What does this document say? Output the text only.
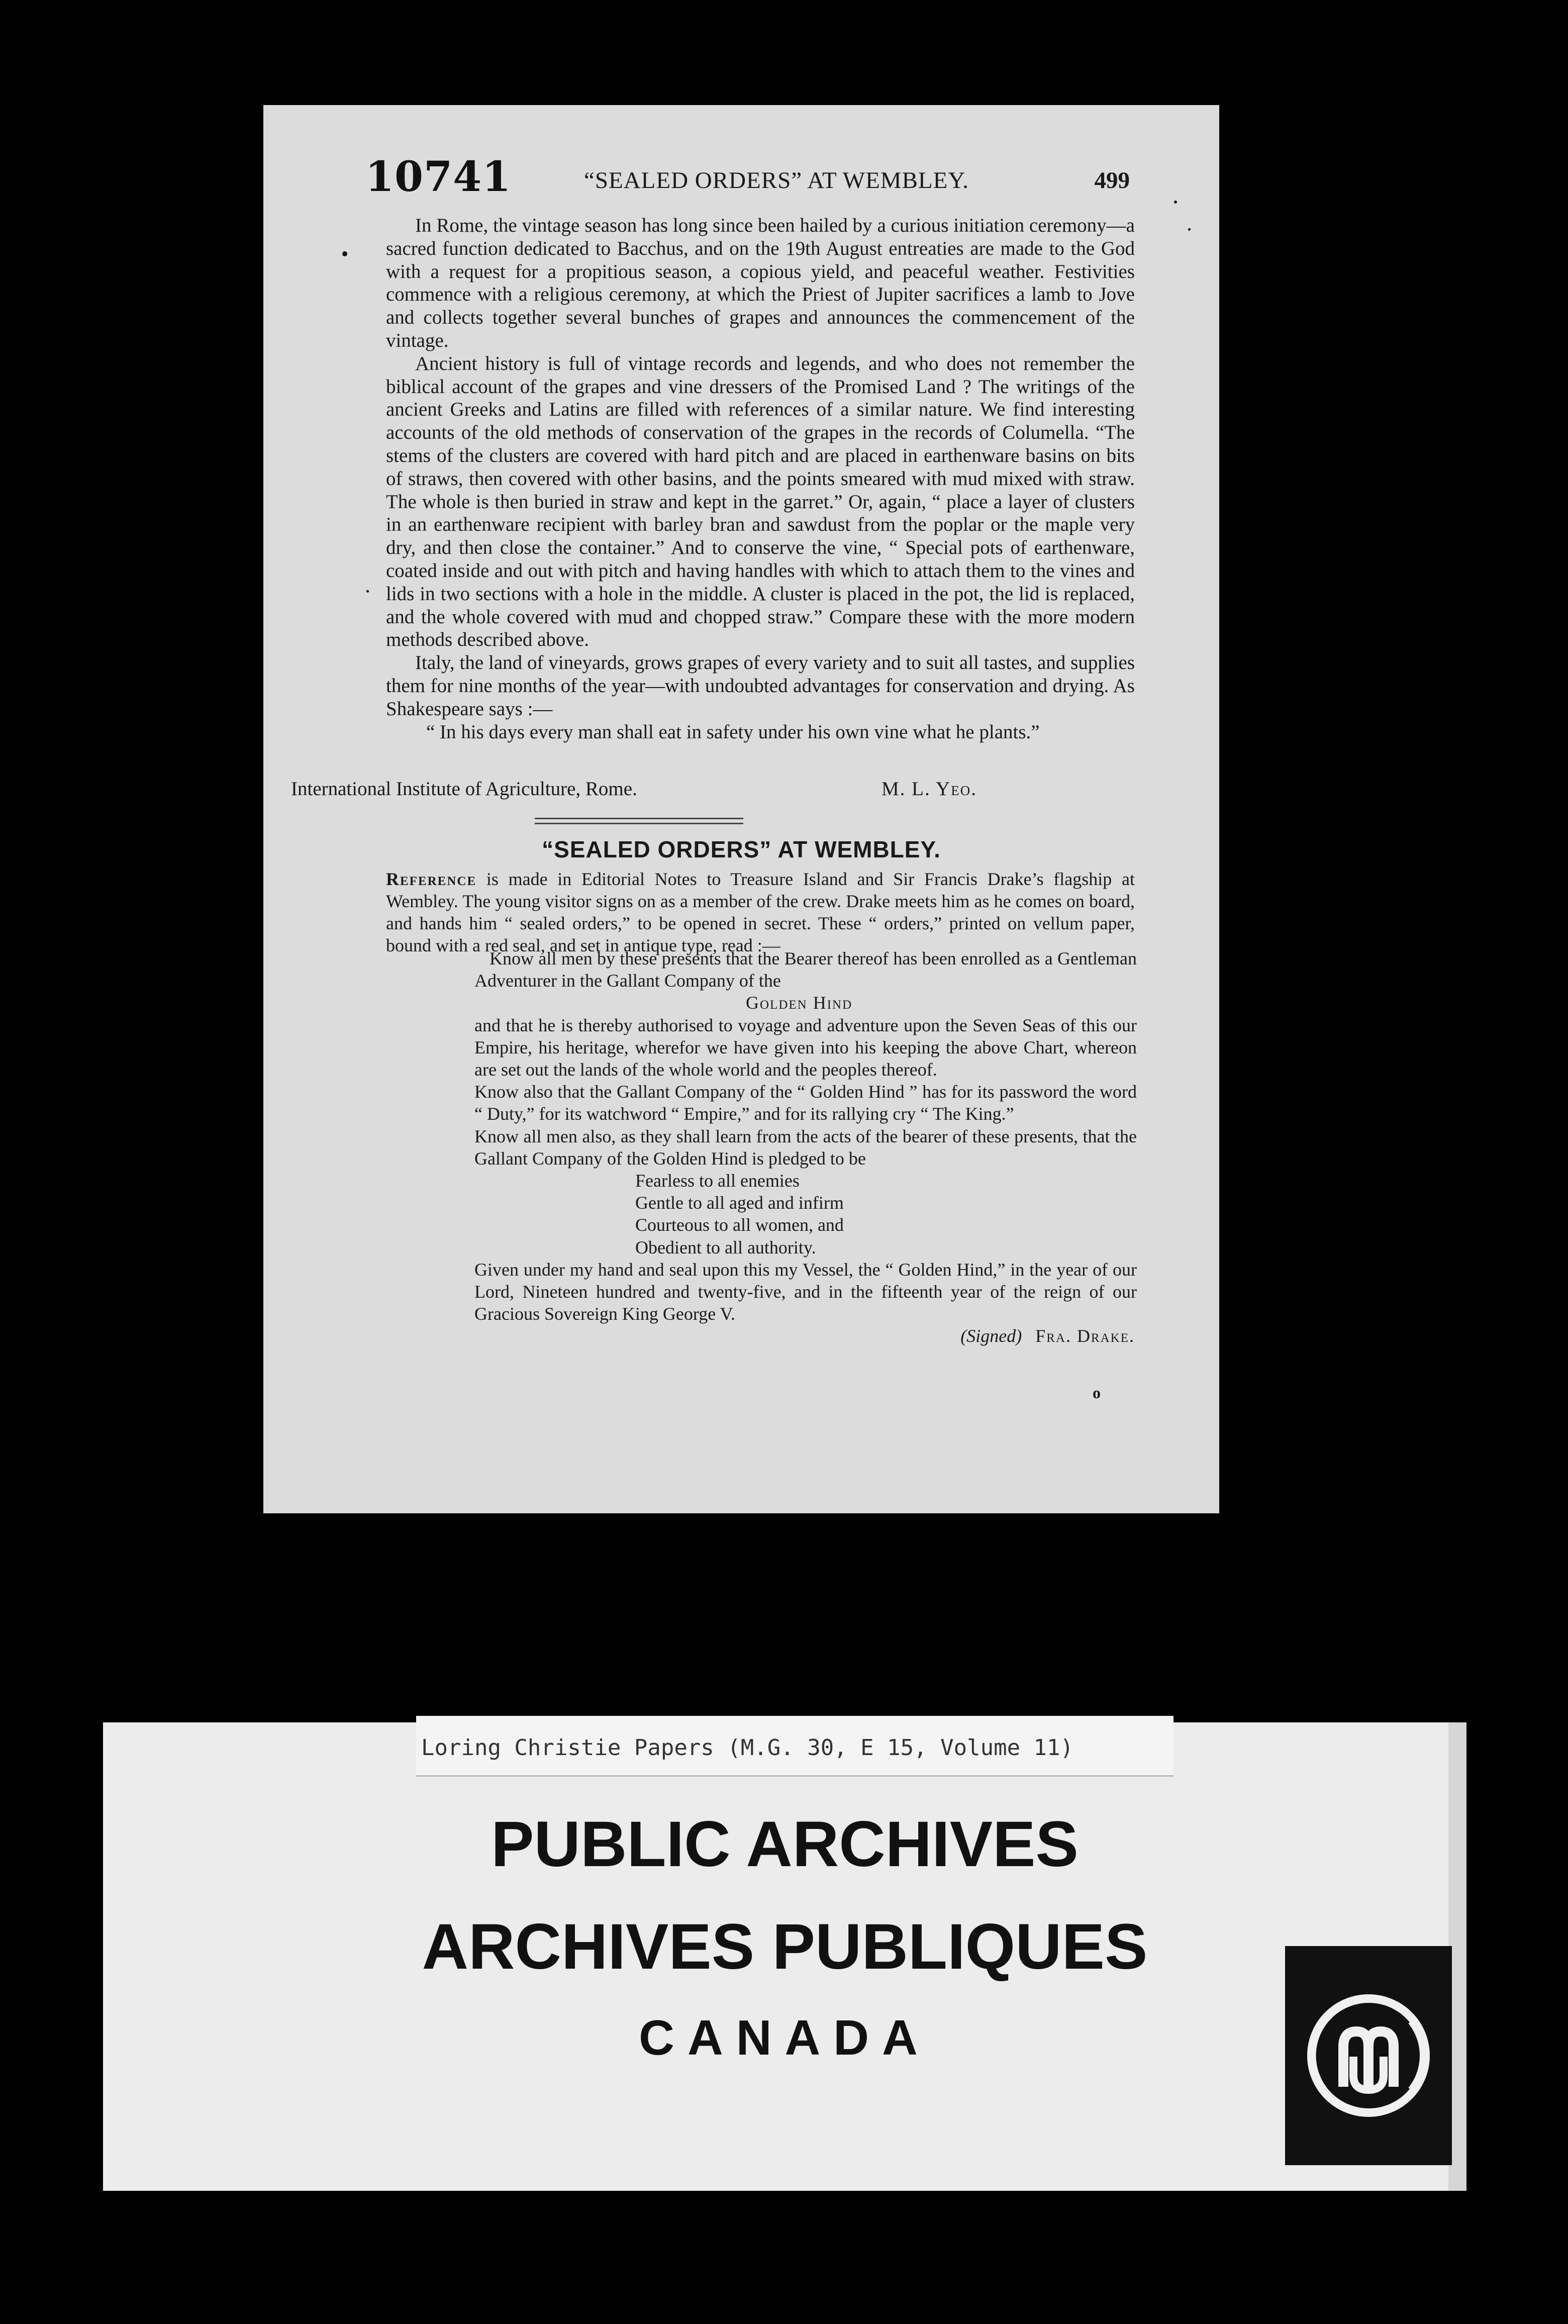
10741	“SEALED ORDERS” AT WEMBLEY.	499

In Rome, the vintage season has long since been hailed by a curious initiation ceremony—a sacred function dedicated to Bacchus, and on the 19th August entreaties are made to the God with a request for a propitious season, a copious yield, and peaceful weather. Festivities commence with a religious ceremony, at which the Priest of Jupiter sacrifices a lamb to Jove and collects together several bunches of grapes and announces the commencement of the vintage.

Ancient history is full of vintage records and legends, and who does not remember the biblical account of the grapes and vine dressers of the Promised Land ? The writings of the ancient Greeks and Latins are filled with references of a similar nature. We find interesting accounts of the old methods of conservation of the grapes in the records of Columella. “The stems of the clusters are covered with hard pitch and are placed in earthenware basins on bits of straws, then covered with other basins, and the points smeared with mud mixed with straw. The whole is then buried in straw and kept in the garret.” Or, again, “ place a layer of clusters in an earthenware recipient with barley bran and sawdust from the poplar or the maple very dry, and then close the container.” And to conserve the vine, “ Special pots of earthenware, coated inside and out with pitch and having handles with which to attach them to the vines and lids in two sections with a hole in the middle. A cluster is placed in the pot, the lid is replaced, and the whole covered with mud and chopped straw.” Compare these with the more modern methods described above.

Italy, the land of vineyards, grows grapes of every variety and to suit all tastes, and supplies them for nine months of the year—with undoubted advantages for conservation and drying. As Shakespeare says :—

“ In his days every man shall eat in safety under his own vine what he plants.”

International Institute of Agriculture, Rome.	M. L. Yeo.
“SEALED ORDERS” AT WEMBLEY.

Reference is made in Editorial Notes to Treasure Island and Sir Francis Drake’s flagship at Wembley. The young visitor signs on as a member of the crew. Drake meets him as he comes on board, and hands him “ sealed orders,” to be opened in secret. These “ orders,” printed on vellum paper, bound with a red seal, and set in antique type, read :—

Know all men by these presents that the Bearer thereof has been enrolled as a Gentleman Adventurer in the Gallant Company of the

Golden Hind

and that he is thereby authorised to voyage and adventure upon the Seven Seas of this our Empire, his heritage, wherefor we have given into his keeping the above Chart, whereon are set out the lands of the whole world and the peoples thereof.

Know also that the Gallant Company of the “ Golden Hind ” has for its password the word “ Duty,” for its watchword “ Empire,” and for its rallying cry “ The King.”

Know all men also, as they shall learn from the acts of the bearer of these presents, that the Gallant Company of the Golden Hind is pledged to be

Fearless to all enemies

Gentle to all aged and infirm

Courteous to all women, and

Obedient to all authority.

Given under my hand and seal upon this my Vessel, the “ Golden Hind,” in the year of our Lord, Nineteen hundred and twenty-five, and in the fifteenth year of the reign of our Gracious Sovereign King George V.

(Signed) Fra. Drake.

o
Loring Christie Papers (M.G. 30, E 15, Volume 11)
PUBLIC ARCHIVES
ARCHIVES PUBLIQUES
CANADA
